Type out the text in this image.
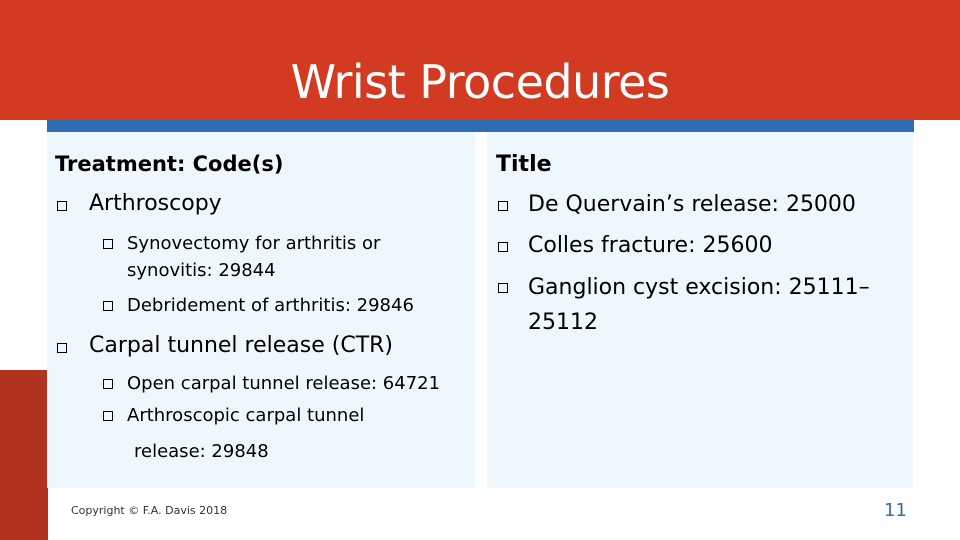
Wrist Procedures
Treatment: Code(s)
Arthroscopy
Synovectomy for arthritis or
synovitis: 29844
Debridement of arthritis: 29846
Carpal tunnel release (CTR)
Open carpal tunnel release: 64721
Arthroscopic carpal tunnel
release: 29848
Title
De Quervain’s release: 25000
Colles fracture: 25600
Ganglion cyst excision: 25111–
25112
Copyright © F.A. Davis 2018	11
